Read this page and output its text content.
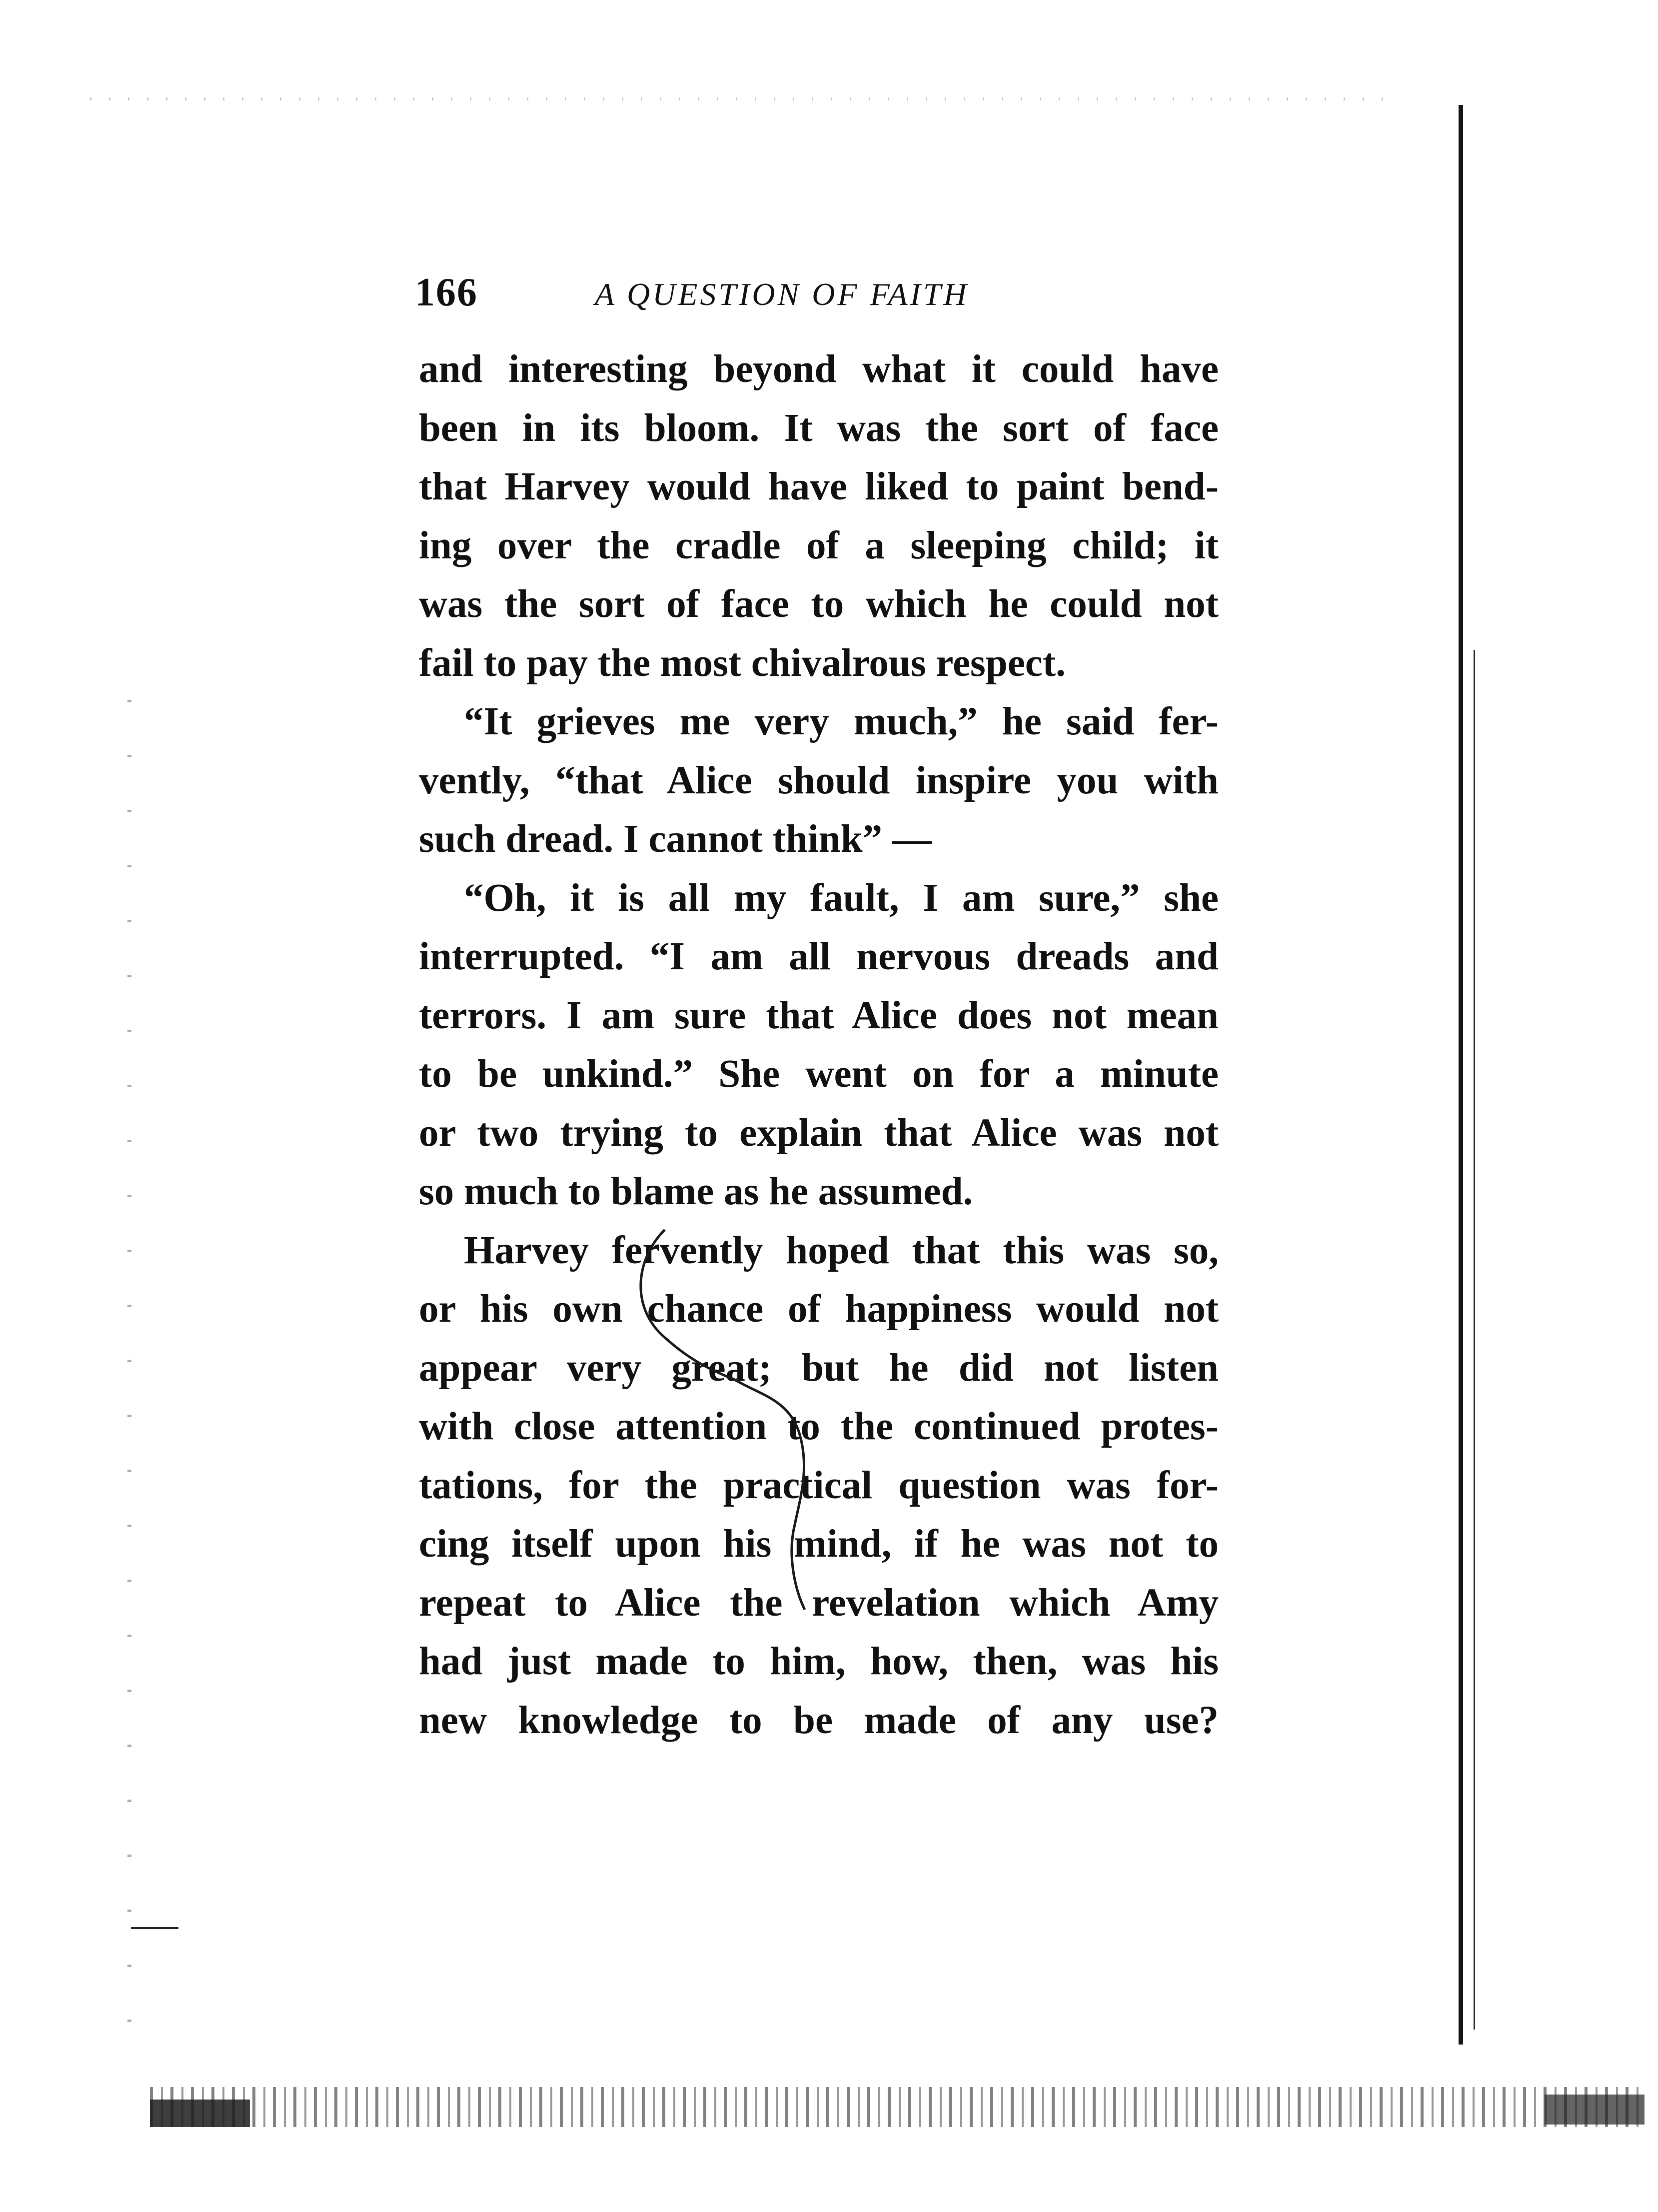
166	A QUESTION OF FAITH
and interesting beyond what it could have
been in its bloom. It was the sort of face
that Harvey would have liked to paint bend-
ing over the cradle of a sleeping child; it
was the sort of face to which he could not
fail to pay the most chivalrous respect.
“It grieves me very much,” he said fer-
vently, “that Alice should inspire you with
such dread. I cannot think” —
“Oh, it is all my fault, I am sure,” she
interrupted. “I am all nervous dreads and
terrors. I am sure that Alice does not mean
to be unkind.” She went on for a minute
or two trying to explain that Alice was not
so much to blame as he assumed.
Harvey fervently hoped that this was so,
or his own chance of happiness would not
appear very great; but he did not listen
with close attention to the continued protes-
tations, for the practical question was for-
cing itself upon his mind, if he was not to
repeat to Alice the revelation which Amy
had just made to him, how, then, was his
new knowledge to be made of any use?
